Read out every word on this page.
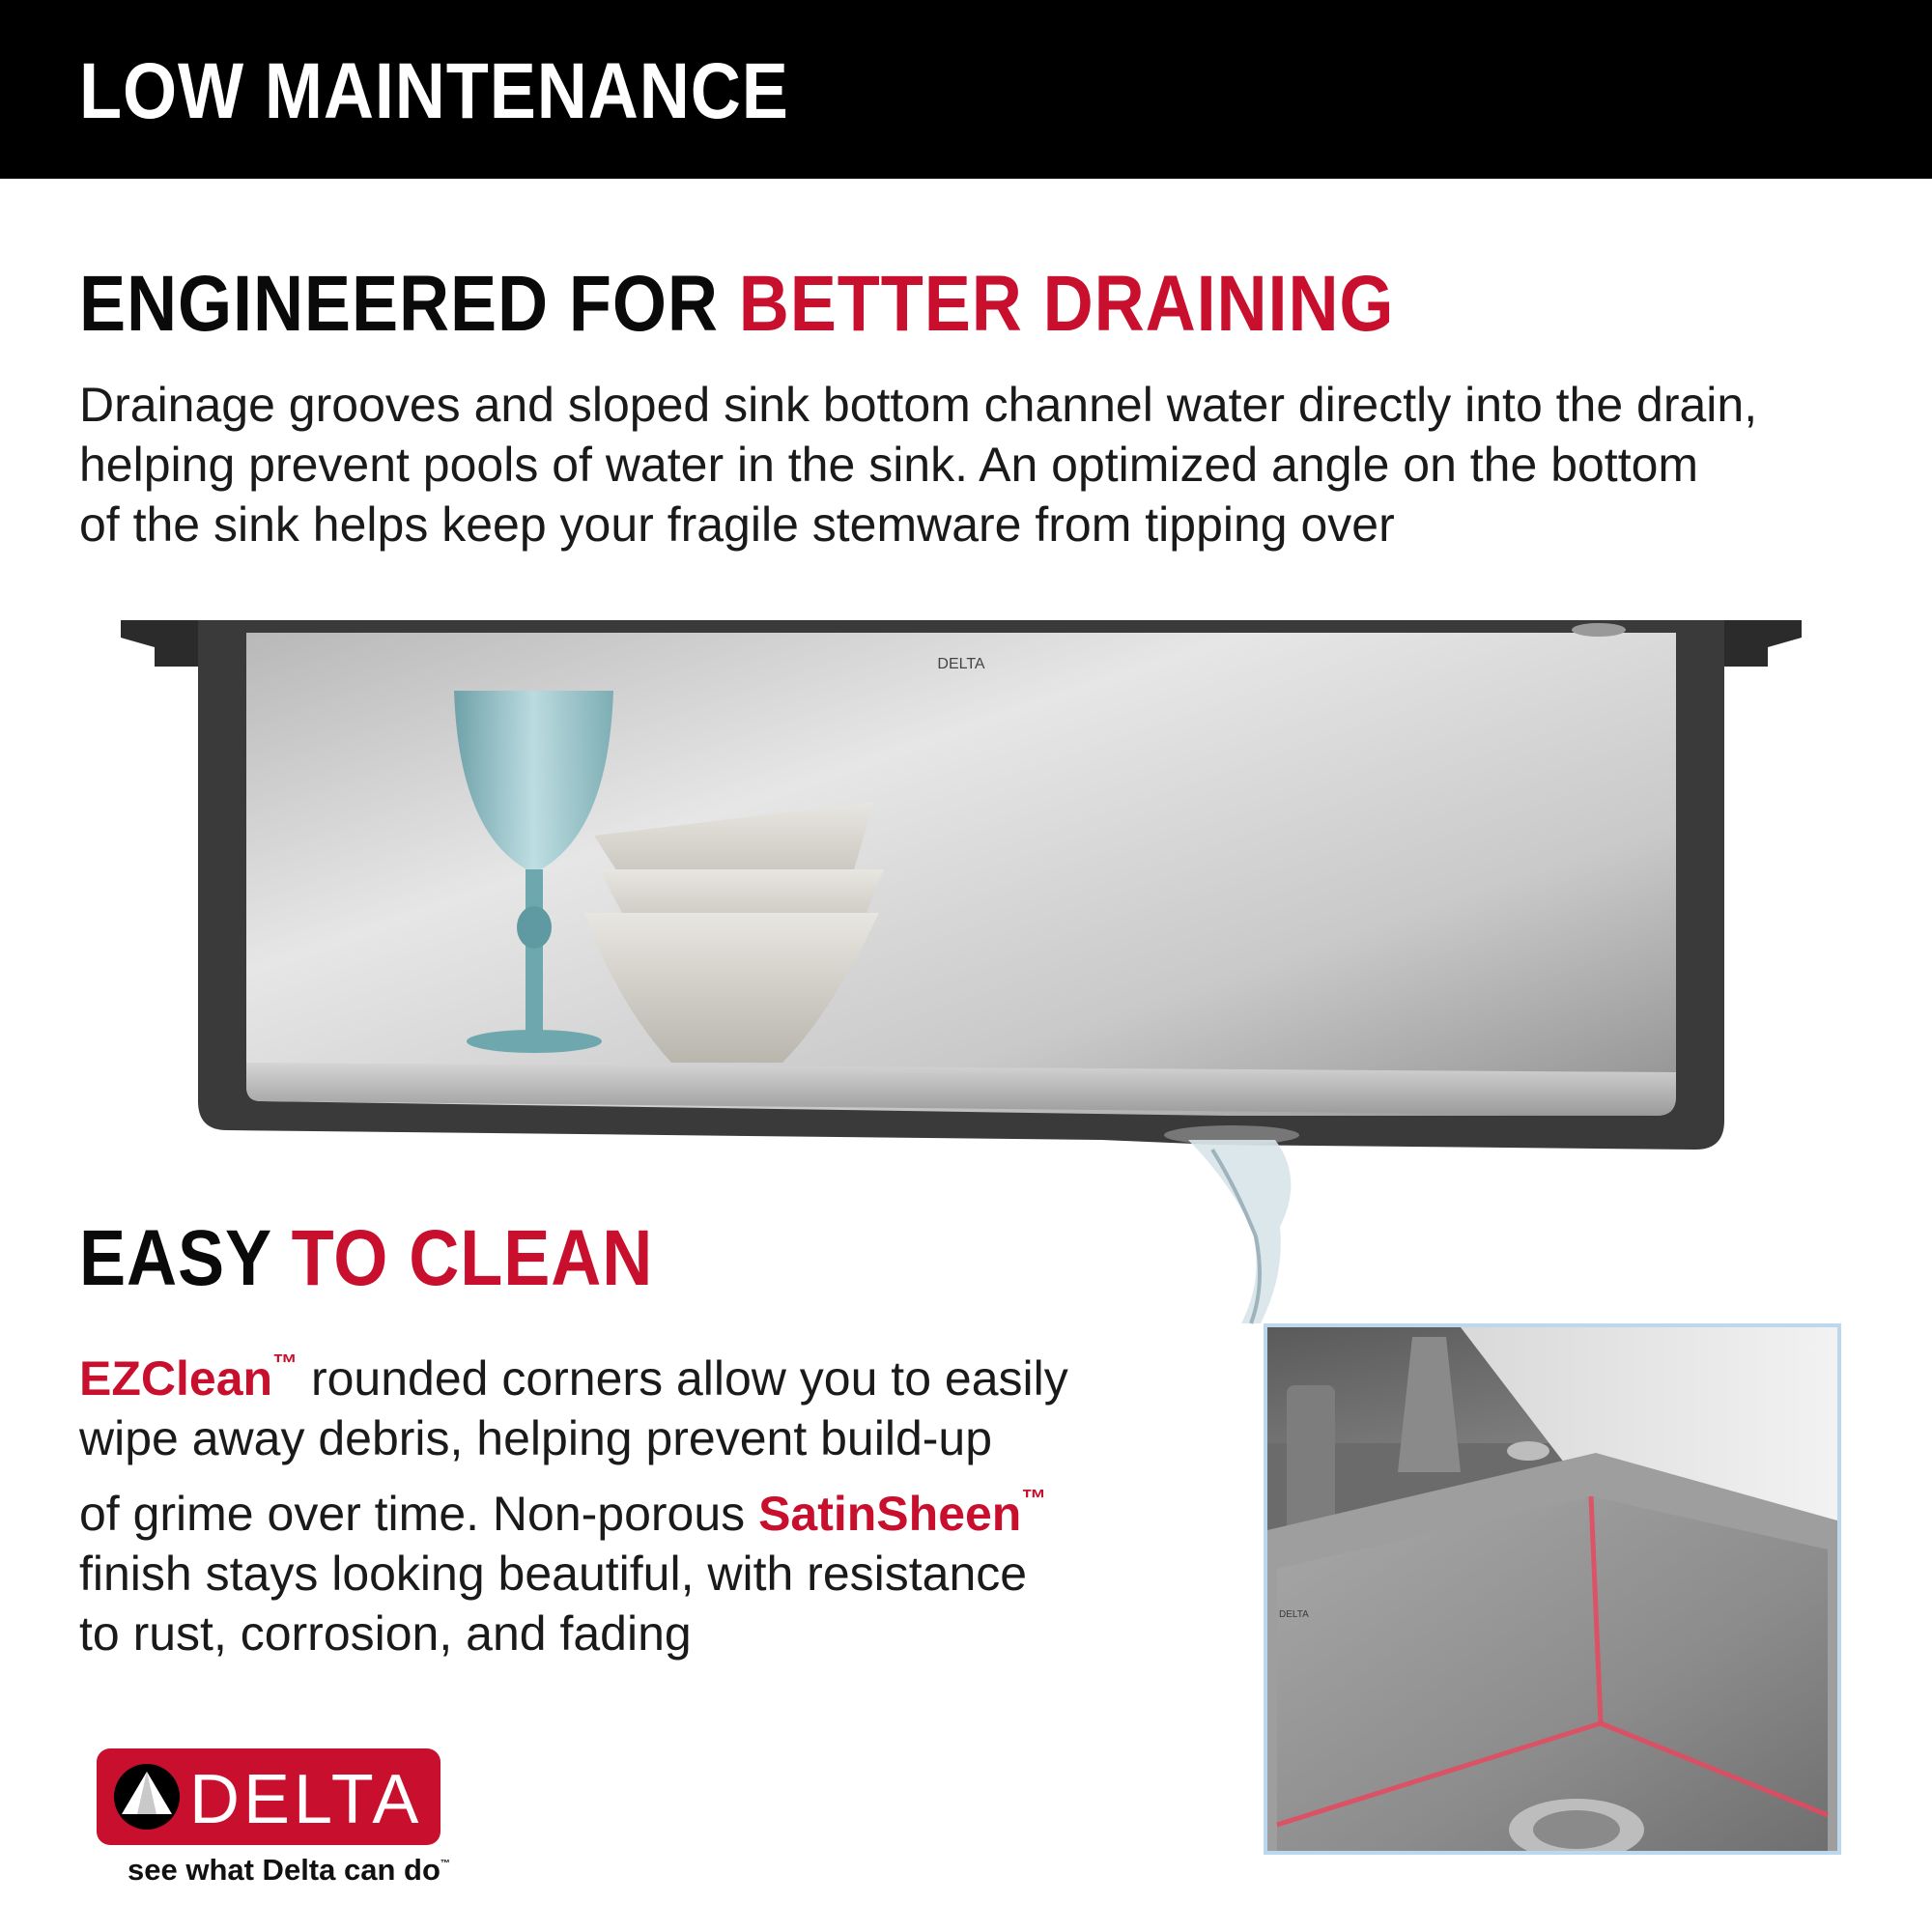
LOW MAINTENANCE
ENGINEERED FOR BETTER DRAINING
Drainage grooves and sloped sink bottom channel water directly into the drain,
helping prevent pools of water in the sink. An optimized angle on the bottom
of the sink helps keep your fragile stemware from tipping over
DELTA
EASY TO CLEAN
EZClean™ rounded corners allow you to easily
wipe away debris, helping prevent build-up
of grime over time. Non-porous SatinSheen™
finish stays looking beautiful, with resistance
to rust, corrosion, and fading	DELTA
DELTA
see what Delta can do™
